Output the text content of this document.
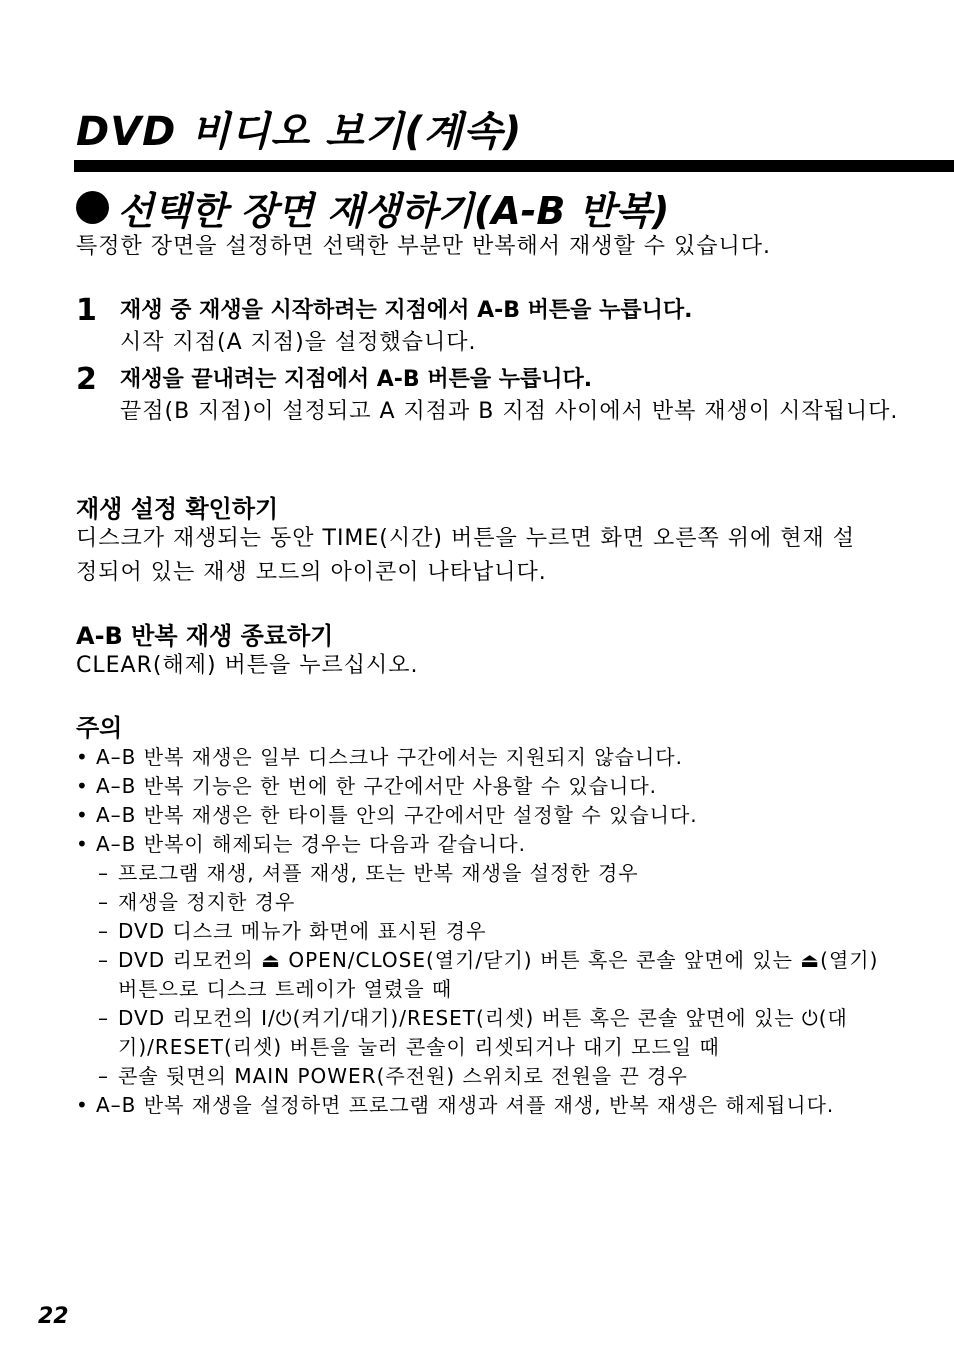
DVD 비디오 보기(계속)
선택한 장면 재생하기(A-B 반복)

특정한 장면을 설정하면 선택한 부분만 반복해서 재생할 수 있습니다.

1 재생 중 재생을 시작하려는 지점에서 A-B 버튼을 누릅니다.
시작 지점(A 지점)을 설정했습니다.
2 재생을 끝내려는 지점에서 A-B 버튼을 누릅니다.
끝점(B 지점)이 설정되고 A 지점과 B 지점 사이에서 반복 재생이 시작됩니다.
재생 설정 확인하기

디스크가 재생되는 동안 TIME(시간) 버튼을 누르면 화면 오른쪽 위에 현재 설정되어 있는 재생 모드의 아이콘이 나타납니다.

A-B 반복 재생 종료하기

CLEAR(해제) 버튼을 누르십시오.

주의
• A–B 반복 재생은 일부 디스크나 구간에서는 지원되지 않습니다.
• A–B 반복 기능은 한 번에 한 구간에서만 사용할 수 있습니다.
• A–B 반복 재생은 한 타이틀 안의 구간에서만 설정할 수 있습니다.
• A–B 반복이 해제되는 경우는 다음과 같습니다.
– 프로그램 재생, 셔플 재생, 또는 반복 재생을 설정한 경우
– 재생을 정지한 경우
– DVD 디스크 메뉴가 화면에 표시된 경우
– DVD 리모컨의 ⏏ OPEN/CLOSE(열기/닫기) 버튼 혹은 콘솔 앞면에 있는 ⏏(열기) 버튼으로 디스크 트레이가 열렸을 때
– DVD 리모컨의 I/⏻(켜기/대기)/RESET(리셋) 버튼 혹은 콘솔 앞면에 있는 ⏻(대기)/RESET(리셋) 버튼을 눌러 콘솔이 리셋되거나 대기 모드일 때
– 콘솔 뒷면의 MAIN POWER(주전원) 스위치로 전원을 끈 경우
• A–B 반복 재생을 설정하면 프로그램 재생과 셔플 재생, 반복 재생은 해제됩니다.
22
